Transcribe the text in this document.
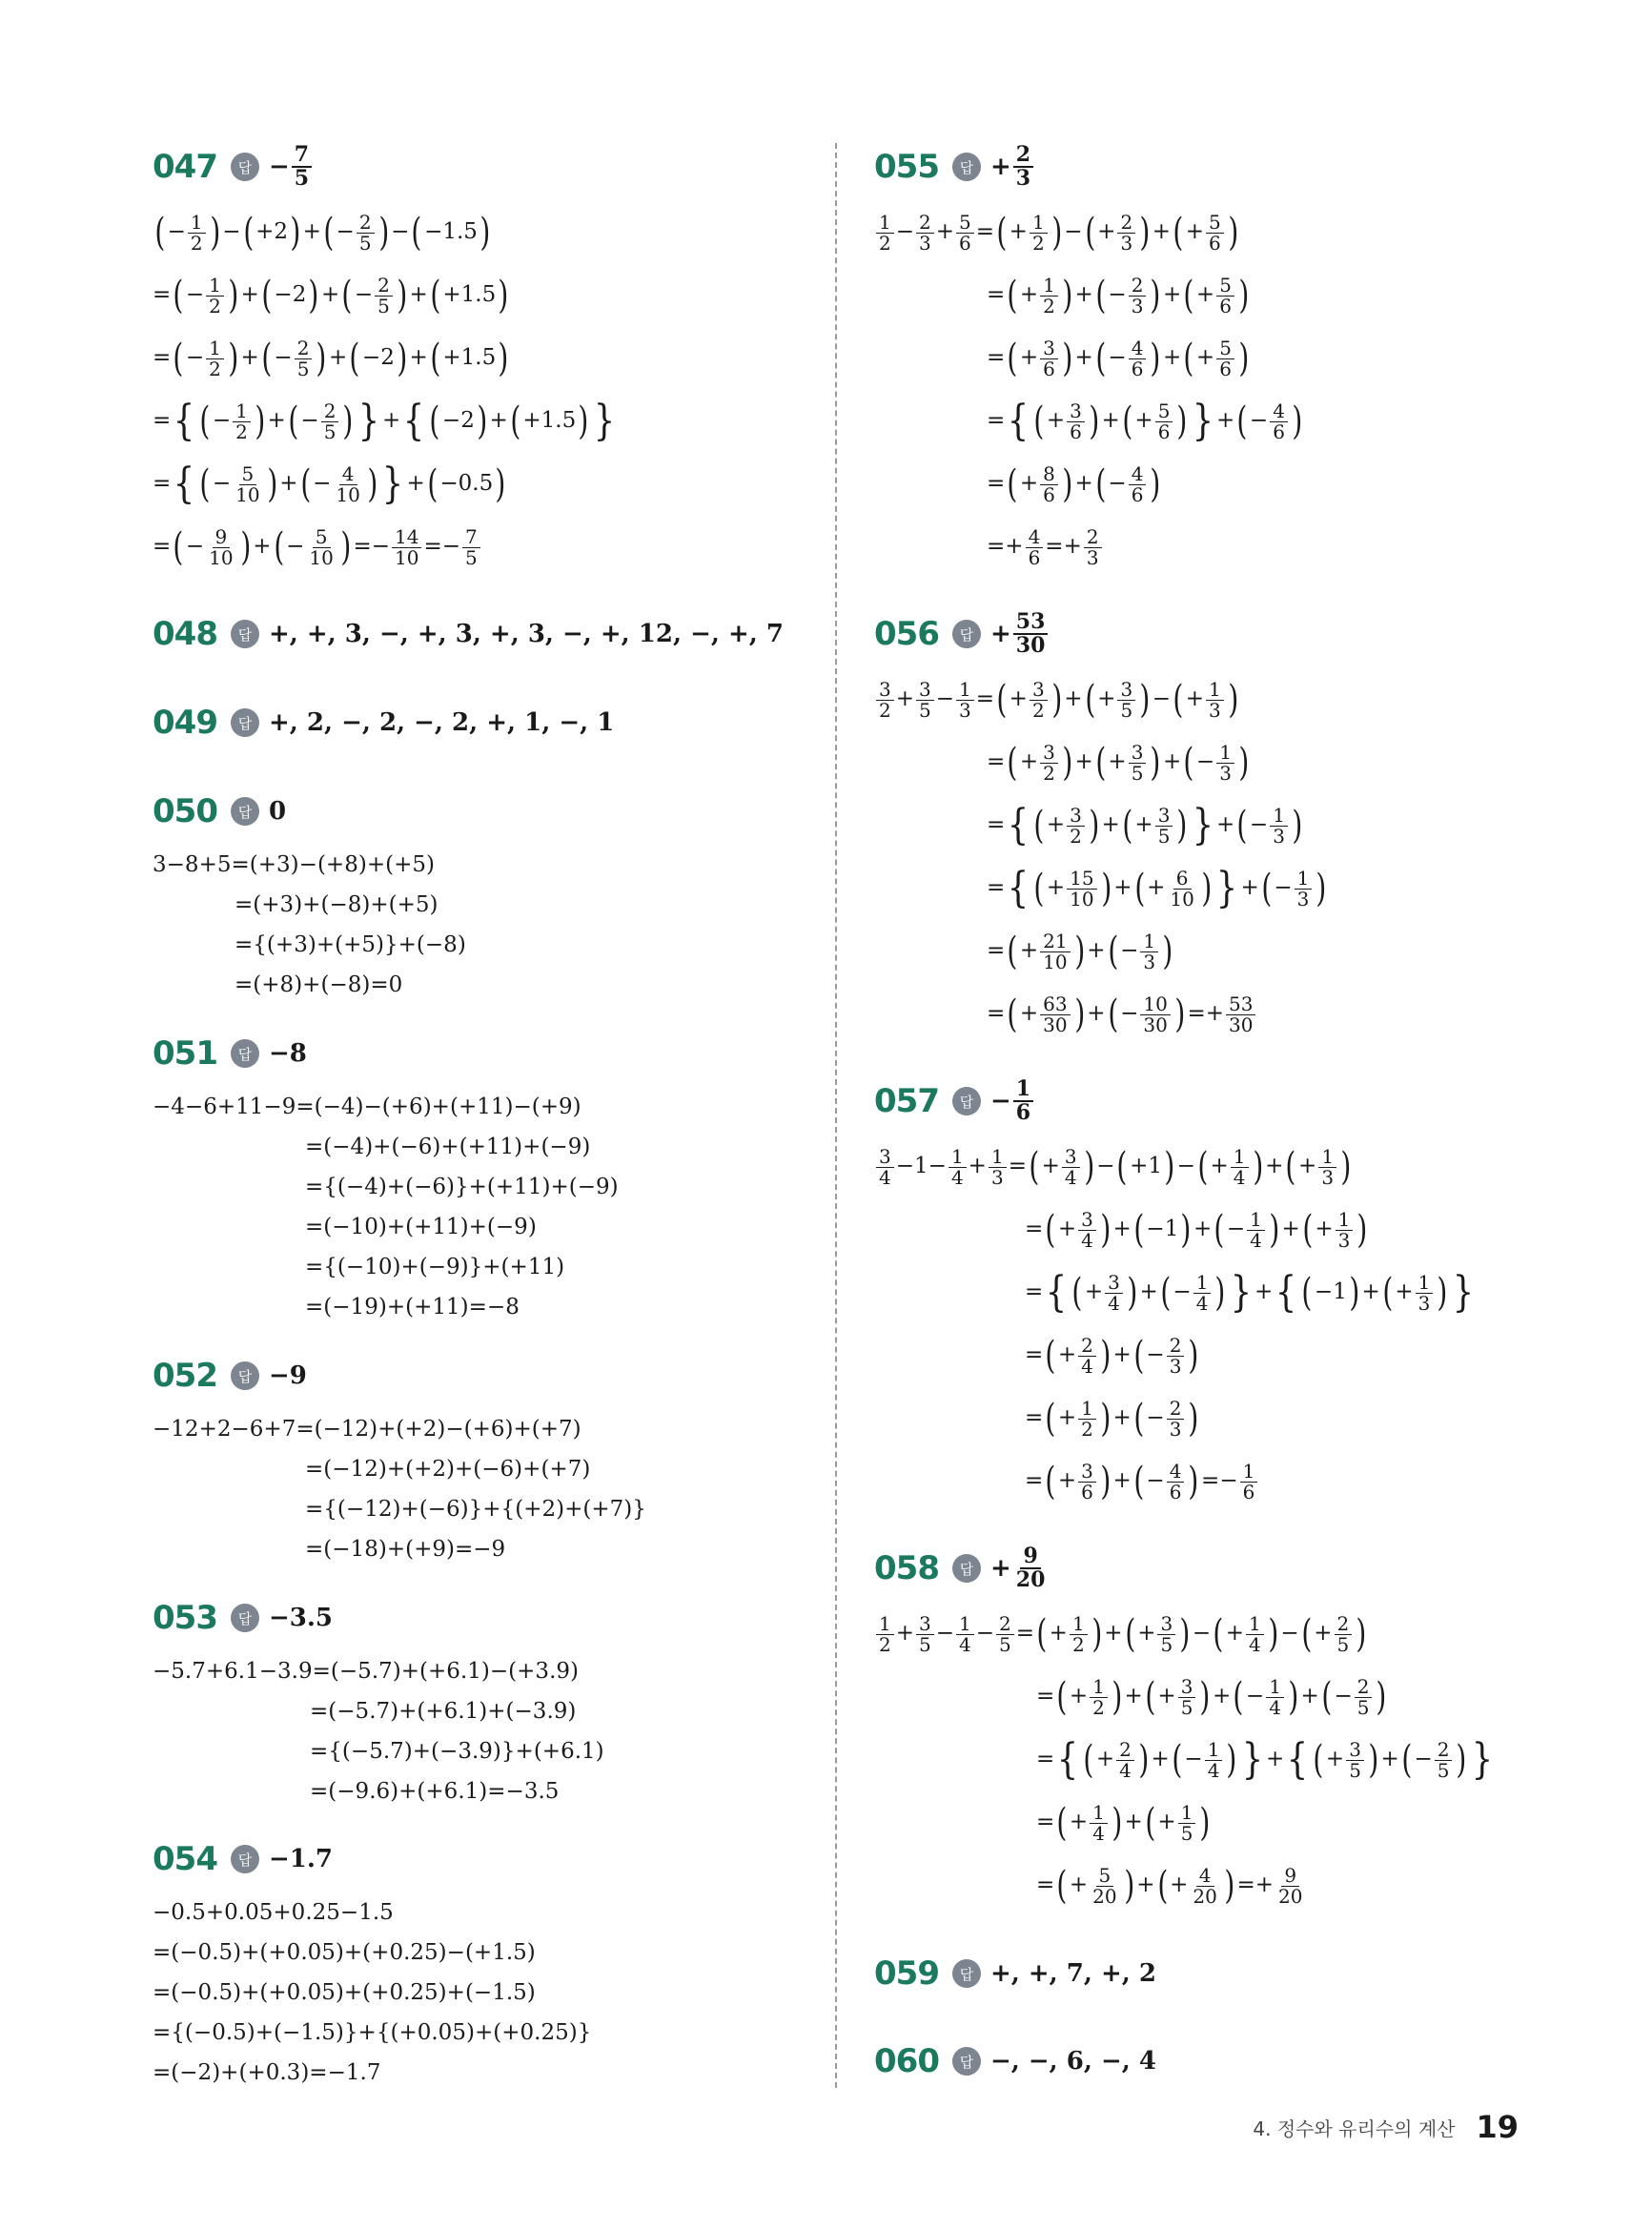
047	답 − $\frac{7}{5}$
( − $\frac{1}{2}$ ) −( +2) +( − $\frac{2}{5}$ ) −( −1.5)
=( − $\frac{1}{2}$ ) +( −2) +( − $\frac{2}{5}$ ) +( +1.5)
=( − $\frac{1}{2}$ ) +( − $\frac{2}{5}$ ) +( −2) +( +1.5)
={ ( − $\frac{1}{2}$ ) +( − $\frac{2}{5}$ ) } +{ ( −2) +( +1.5) }
={ ( − $\frac{5}{10}$ ) +( − $\frac{4}{10}$ ) } +( −0.5)
=( − $\frac{9}{10}$ ) +( − $\frac{5}{10}$ ) =− $\frac{14}{10} =- \frac{7}{5}$
048	답 +, +, 3, −, +, 3, +, 3, −, +, 12, −, +, 7
049	답 +, 2, −, 2, −, 2, +, 1, −, 1
050	답 0
3−8+5=(+3)−(+8)+(+5)
=(+3)+(−8)+(+5)
={(+3)+(+5)}+(−8)
=(+8)+(−8)=0
051	답 −8
−4−6+11−9=(−4)−(+6)+(+11)−(+9)
=(−4)+(−6)+(+11)+(−9)
={(−4)+(−6)}+(+11)+(−9)
=(−10)+(+11)+(−9)
={(−10)+(−9)}+(+11)
=(−19)+(+11)=−8
052	답 −9
−12+2−6+7=(−12)+(+2)−(+6)+(+7)
=(−12)+(+2)+(−6)+(+7)
={(−12)+(−6)}+{(+2)+(+7)}
=(−18)+(+9)=−9
053	답 −3.5
−5.7+6.1−3.9=(−5.7)+(+6.1)−(+3.9)
=(−5.7)+(+6.1)+(−3.9)
={(−5.7)+(−3.9)}+(+6.1)
=(−9.6)+(+6.1)=−3.5
054	답 −1.7
−0.5+0.05+0.25−1.5
=(−0.5)+(+0.05)+(+0.25)−(+1.5)
=(−0.5)+(+0.05)+(+0.25)+(−1.5)
={(−0.5)+(−1.5)}+{(+0.05)+(+0.25)}
=(−2)+(+0.3)=−1.7
055	답 + $\frac{2}{3}$
$\frac{1}{2} - \frac{2}{3} + \frac{5}{6}$ =( + $\frac{1}{2}$ ) −( + $\frac{2}{3}$ ) +( + $\frac{5}{6}$ )
=( + $\frac{1}{2}$ ) +( − $\frac{2}{3}$ ) +( + $\frac{5}{6}$ )
=( + $\frac{3}{6}$ ) +( − $\frac{4}{6}$ ) +( + $\frac{5}{6}$ )
={ ( + $\frac{3}{6}$ ) +( + $\frac{5}{6}$ ) } +( − $\frac{4}{6}$ )
=( + $\frac{8}{6}$ ) +( − $\frac{4}{6}$ )
=+ $\frac{4}{6} =+ \frac{2}{3}$
056	답 + $\frac{53}{30}$
$\frac{3}{2} + \frac{3}{5} - \frac{1}{3}$ =( + $\frac{3}{2}$ ) +( + $\frac{3}{5}$ ) −( + $\frac{1}{3}$ )
=( + $\frac{3}{2}$ ) +( + $\frac{3}{5}$ ) +( − $\frac{1}{3}$ )
={ ( + $\frac{3}{2}$ ) +( + $\frac{3}{5}$ ) } +( − $\frac{1}{3}$ )
={ ( + $\frac{15}{10}$ ) +( + $\frac{6}{10}$ ) } +( − $\frac{1}{3}$ )
=( + $\frac{21}{10}$ ) +( − $\frac{1}{3}$ )
=( + $\frac{63}{30}$ ) +( − $\frac{10}{30}$ ) =+ $\frac{53}{30}$
057	답 − $\frac{1}{6}$
$\frac{3}{4} -1- \frac{1}{4} + \frac{1}{3}$ =( + $\frac{3}{4}$ ) −( +1) −( + $\frac{1}{4}$ ) +( + $\frac{1}{3}$ )
=( + $\frac{3}{4}$ ) +( −1) +( − $\frac{1}{4}$ ) +( + $\frac{1}{3}$ )
={ ( + $\frac{3}{4}$ ) +( − $\frac{1}{4}$ ) } +{ ( −1) +( + $\frac{1}{3}$ ) }
=( + $\frac{2}{4}$ ) +( − $\frac{2}{3}$ )
=( + $\frac{1}{2}$ ) +( − $\frac{2}{3}$ )
=( + $\frac{3}{6}$ ) +( − $\frac{4}{6}$ ) =− $\frac{1}{6}$
058	답 + $\frac{9}{20}$
$\frac{1}{2} + \frac{3}{5} - \frac{1}{4} - \frac{2}{5}$ =( + $\frac{1}{2}$ ) +( + $\frac{3}{5}$ ) −( + $\frac{1}{4}$ ) −( + $\frac{2}{5}$ )
=( + $\frac{1}{2}$ ) +( + $\frac{3}{5}$ ) +( − $\frac{1}{4}$ ) +( − $\frac{2}{5}$ )
={ ( + $\frac{2}{4}$ ) +( − $\frac{1}{4}$ ) } +{ ( + $\frac{3}{5}$ ) +( − $\frac{2}{5}$ ) }
=( + $\frac{1}{4}$ ) +( + $\frac{1}{5}$ )
=( + $\frac{5}{20}$ ) +( + $\frac{4}{20}$ ) =+ $\frac{9}{20}$
059	답 +, +, 7, +, 2
060	답 −, −, 6, −, 4
4. 정수와 유리수의 계산 19
